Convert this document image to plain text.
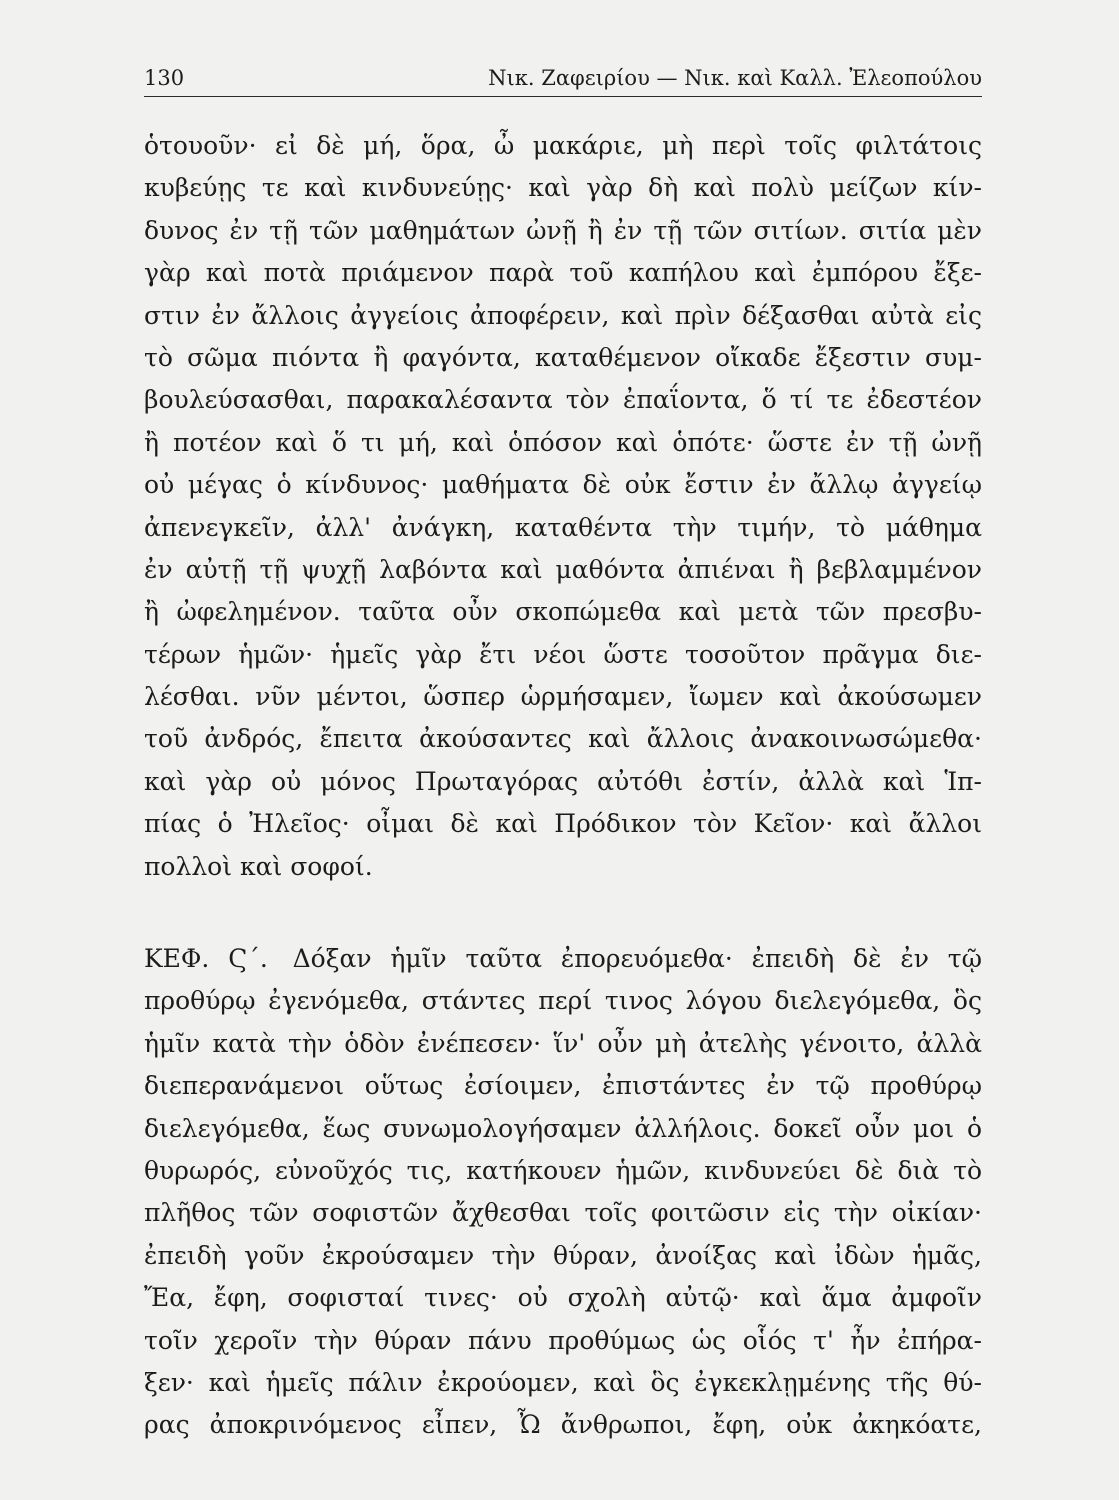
130	Νικ. Ζαφειρίου — Νικ. καὶ Καλλ. Ἐλεοπούλου
ὁτουοῦν· εἰ δὲ μή, ὅρα, ὦ μακάριε, μὴ περὶ τοῖς φιλτάτοις
κυβεύῃς τε καὶ κινδυνεύῃς· καὶ γὰρ δὴ καὶ πολὺ μείζων κίν-
δυνος ἐν τῇ τῶν μαθημάτων ὠνῇ ἢ ἐν τῇ τῶν σιτίων. σιτία μὲν
γὰρ καὶ ποτὰ πριάμενον παρὰ τοῦ καπήλου καὶ ἐμπόρου ἔξε-
στιν ἐν ἄλλοις ἀγγείοις ἀποφέρειν, καὶ πρὶν δέξασθαι αὐτὰ εἰς
τὸ σῶμα πιόντα ἢ φαγόντα, καταθέμενον οἴκαδε ἔξεστιν συμ-
βουλεύσασθαι, παρακαλέσαντα τὸν ἐπαΐοντα, ὅ τί τε ἐδεστέον
ἢ ποτέον καὶ ὅ τι μή, καὶ ὁπόσον καὶ ὁπότε· ὥστε ἐν τῇ ὠνῇ
οὐ μέγας ὁ κίνδυνος· μαθήματα δὲ οὐκ ἔστιν ἐν ἄλλῳ ἀγγείῳ
ἀπενεγκεῖν, ἀλλ' ἀνάγκη, καταθέντα τὴν τιμήν, τὸ μάθημα
ἐν αὐτῇ τῇ ψυχῇ λαβόντα καὶ μαθόντα ἀπιέναι ἢ βεβλαμμένον
ἢ ὠφελημένον. ταῦτα οὖν σκοπώμεθα καὶ μετὰ τῶν πρεσβυ-
τέρων ἡμῶν· ἡμεῖς γὰρ ἔτι νέοι ὥστε τοσοῦτον πρᾶγμα διε-
λέσθαι. νῦν μέντοι, ὥσπερ ὡρμήσαμεν, ἴωμεν καὶ ἀκούσωμεν
τοῦ ἀνδρός, ἔπειτα ἀκούσαντες καὶ ἄλλοις ἀνακοινωσώμεθα·
καὶ γὰρ οὐ μόνος Πρωταγόρας αὐτόθι ἐστίν, ἀλλὰ καὶ Ἱπ-
πίας ὁ Ἠλεῖος· οἶμαι δὲ καὶ Πρόδικον τὸν Κεῖον· καὶ ἄλλοι
πολλοὶ καὶ σοφοί.
ΚΕΦ. Ϛ΄. Δόξαν ἡμῖν ταῦτα ἐπορευόμεθα· ἐπειδὴ δὲ ἐν τῷ
προθύρῳ ἐγενόμεθα, στάντες περί τινος λόγου διελεγόμεθα, ὃς
ἡμῖν κατὰ τὴν ὁδὸν ἐνέπεσεν· ἵν' οὖν μὴ ἀτελὴς γένοιτο, ἀλλὰ
διεπερανάμενοι οὕτως ἐσίοιμεν, ἐπιστάντες ἐν τῷ προθύρῳ
διελεγόμεθα, ἕως συνωμολογήσαμεν ἀλλήλοις. δοκεῖ οὖν μοι ὁ
θυρωρός, εὐνοῦχός τις, κατήκουεν ἡμῶν, κινδυνεύει δὲ διὰ τὸ
πλῆθος τῶν σοφιστῶν ἄχθεσθαι τοῖς φοιτῶσιν εἰς τὴν οἰκίαν·
ἐπειδὴ γοῦν ἐκρούσαμεν τὴν θύραν, ἀνοίξας καὶ ἰδὼν ἡμᾶς,
Ἔα, ἔφη, σοφισταί τινες· οὐ σχολὴ αὐτῷ· καὶ ἅμα ἀμφοῖν
τοῖν χεροῖν τὴν θύραν πάνυ προθύμως ὡς οἷός τ' ἦν ἐπήρα-
ξεν· καὶ ἡμεῖς πάλιν ἐκρούομεν, καὶ ὃς ἐγκεκλῃμένης τῆς θύ-
ρας ἀποκρινόμενος εἶπεν, Ὦ ἄνθρωποι, ἔφη, οὐκ ἀκηκόατε,
